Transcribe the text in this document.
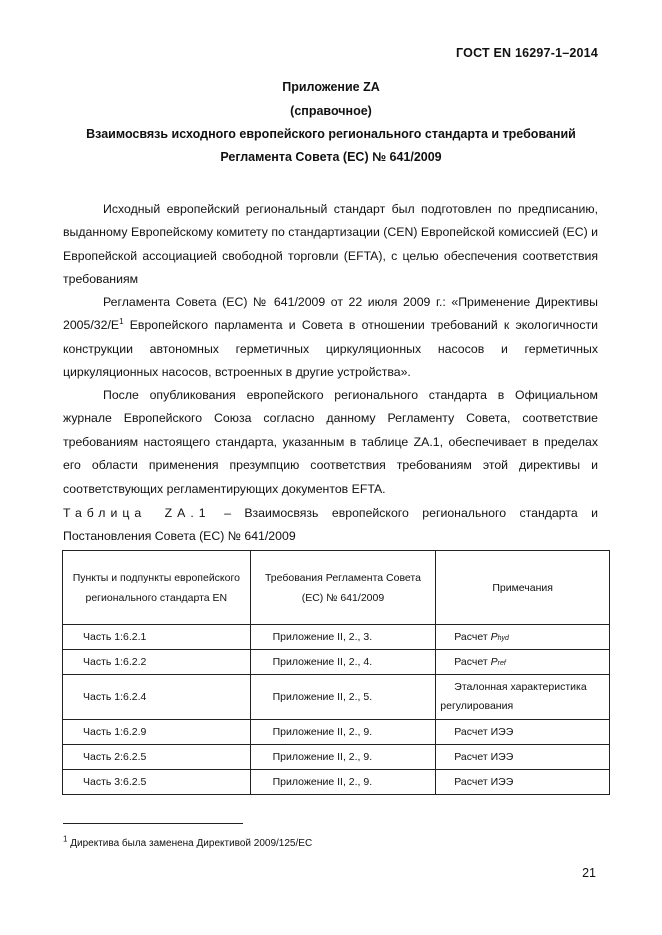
ГОСТ EN 16297-1–2014
Приложение ZA
(справочное)
Взаимосвязь исходного европейского регионального стандарта и требований
Регламента Совета (ЕС) № 641/2009

Исходный европейский региональный стандарт был подготовлен по предписанию, выданному Европейскому комитету по стандартизации (CEN) Европейской комиссией (ЕС) и Европейской ассоциацией свободной торговли (EFTA), с целью обеспечения соответствия требованиям

Регламента Совета (ЕС) № 641/2009 от 22 июля 2009 г.: «Применение Директивы $2005/32/Е^1$ Европейского парламента и Совета в отношении требований к экологичности конструкции автономных герметичных циркуляционных насосов и герметичных циркуляционных насосов, встроенных в другие устройства».

После опубликования европейского регионального стандарта в Официальном журнале Европейского Союза согласно данному Регламенту Совета, соответствие требованиям настоящего стандарта, указанным в таблице ZA.1, обеспечивает в пределах его области применения презумпцию соответствия требованиям этой директивы и соответствующих регламентирующих документов EFTA.

Таблица ZA.1 – Взаимосвязь европейского регионального стандарта и Постановления Совета (ЕС) № 641/2009

Пункты и подпункты европейского регионального стандарта EN	Требования Регламента Совета (ЕС) № 641/2009	Примечания
Часть 1:6.2.1	Приложение II, 2., 3.	Расчет Phyd
Часть 1:6.2.2	Приложение II, 2., 4.	Расчет Pref
Часть 1:6.2.4	Приложение II, 2., 5.	Эталонная характеристика
регулирования
Часть 1:6.2.9	Приложение II, 2., 9.	Расчет ИЭЭ
Часть 2:6.2.5	Приложение II, 2., 9.	Расчет ИЭЭ
Часть 3:6.2.5	Приложение II, 2., 9.	Расчет ИЭЭ
$^1$ Директива была заменена Директивой 2009/125/ЕС
21
